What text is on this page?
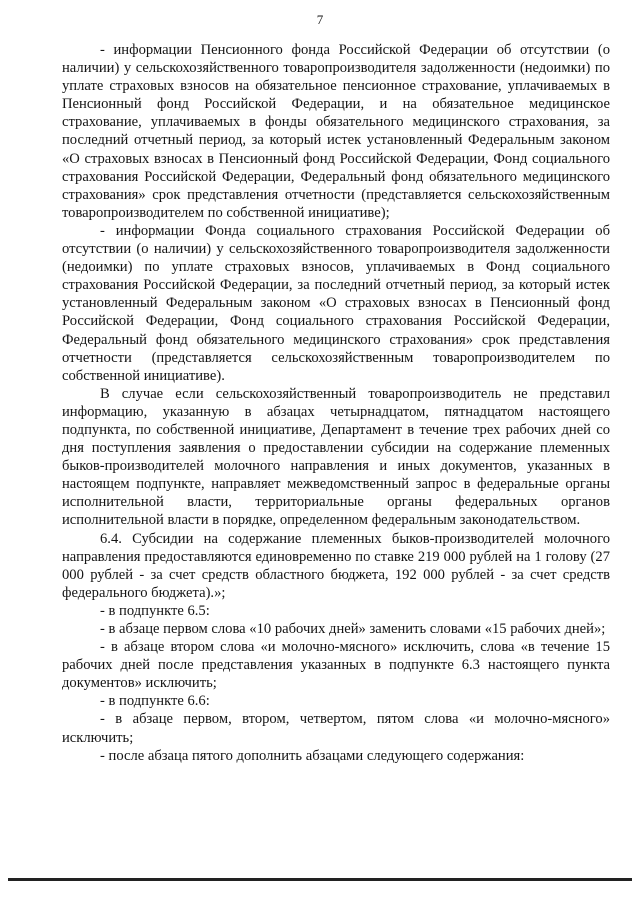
7

- информации Пенсионного фонда Российской Федерации об отсутствии (о наличии) у сельскохозяйственного товаропроизводителя задолженности (недоимки) по уплате страховых взносов на обязательное пенсионное страхование, уплачиваемых в Пенсионный фонд Российской Федерации, и на обязательное медицинское страхование, уплачиваемых в фонды обязательного медицинского страхования, за последний отчетный период, за который истек установленный Федеральным законом «О страховых взносах в Пенсионный фонд Российской Федерации, Фонд социального страхования Российской Федерации, Федеральный фонд обязательного медицинского страхования» срок представления отчетности (представляется сельскохозяйственным товаропроизводителем по собственной инициативе);

- информации Фонда социального страхования Российской Федерации об отсутствии (о наличии) у сельскохозяйственного товаропроизводителя задолженности (недоимки) по уплате страховых взносов, уплачиваемых в Фонд социального страхования Российской Федерации, за последний отчетный период, за который истек установленный Федеральным законом «О страховых взносах в Пенсионный фонд Российской Федерации, Фонд социального страхования Российской Федерации, Федеральный фонд обязательного медицинского страхования» срок представления отчетности (представляется сельскохозяйственным товаропроизводителем по собственной инициативе).

В случае если сельскохозяйственный товаропроизводитель не представил информацию, указанную в абзацах четырнадцатом, пятнадцатом настоящего подпункта, по собственной инициативе, Департамент в течение трех рабочих дней со дня поступления заявления о предоставлении субсидии на содержание племенных быков-производителей молочного направления и иных документов, указанных в настоящем подпункте, направляет межведомственный запрос в федеральные органы исполнительной власти, территориальные органы федеральных органов исполнительной власти в порядке, определенном федеральным законодательством.

6.4. Субсидии на содержание племенных быков-производителей молочного направления предоставляются единовременно по ставке 219 000 рублей на 1 голову (27 000 рублей - за счет средств областного бюджета, 192 000 рублей - за счет средств федерального бюджета).»;

- в подпункте 6.5:

- в абзаце первом слова «10 рабочих дней» заменить словами «15 рабочих дней»;

- в абзаце втором слова «и молочно-мясного» исключить, слова «в течение 15 рабочих дней после представления указанных в подпункте 6.3 настоящего пункта документов» исключить;

- в подпункте 6.6:

- в абзаце первом, втором, четвертом, пятом слова «и молочно-мясного» исключить;

- после абзаца пятого дополнить абзацами следующего содержания:
